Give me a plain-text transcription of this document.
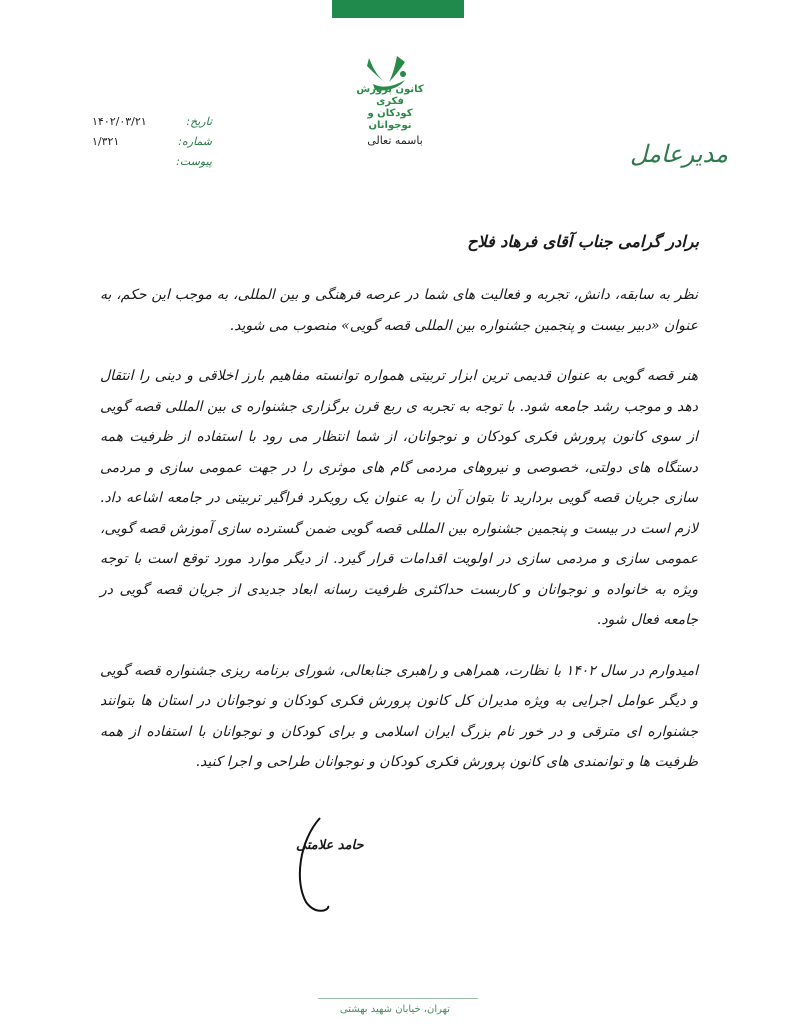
کانون پرورش فکری
کودکان و نوجوانان
باسمه تعالی	مدیرعامل
تاریخ:
۱۴۰۲/۰۳/۲۱
شماره:
۱/۳۲۱
پیوست:
برادر گرامی جناب آقای فرهاد فلاح

نظر به سابقه، دانش، تجربه و فعالیت های شما در عرصه فرهنگی و بین المللی، به موجب این حکم، به عنوان «دبیر بیست و پنجمین جشنواره بین المللی قصه گویی» منصوب می شوید.

هنر قصه گویی به عنوان قدیمی ترین ابزار تربیتی همواره توانسته مفاهیم بارز اخلاقی و دینی را انتقال دهد و موجب رشد جامعه شود. با توجه به تجربه ی ربع قرن برگزاری جشنواره ی بین المللی قصه گویی از سوی کانون پرورش فکری کودکان و نوجوانان، از شما انتظار می رود با استفاده از ظرفیت همه دستگاه های دولتی، خصوصی و نیروهای مردمی گام های موثری را در جهت عمومی سازی و مردمی سازی جریان قصه گویی بردارید تا بتوان آن را به عنوان یک رویکرد فراگیر تربیتی در جامعه اشاعه داد. لازم است در بیست و پنجمین جشنواره بین المللی قصه گویی ضمن گسترده سازی آموزش قصه گویی، عمومی سازی و مردمی سازی در اولویت اقدامات قرار گیرد. از دیگر موارد مورد توقع است با توجه ویژه به خانواده و نوجوانان و کاربست حداکثری ظرفیت رسانه ابعاد جدیدی از جریان قصه گویی در جامعه فعال شود.

امیدوارم در سال ۱۴۰۲ با نظارت، همراهی و راهبری جنابعالی، شورای برنامه ریزی جشنواره قصه گویی و دیگر عوامل اجرایی به ویژه مدیران کل کانون پرورش فکری کودکان و نوجوانان در استان ها بتوانند جشنواره ای مترقی و در خور نام بزرگ ایران اسلامی و برای کودکان و نوجوانان با استفاده از همه ظرفیت ها و توانمندی های کانون پرورش فکری کودکان و نوجوانان طراحی و اجرا کنید.

حامد علامتی
تهران، خیابان شهید بهشتی
